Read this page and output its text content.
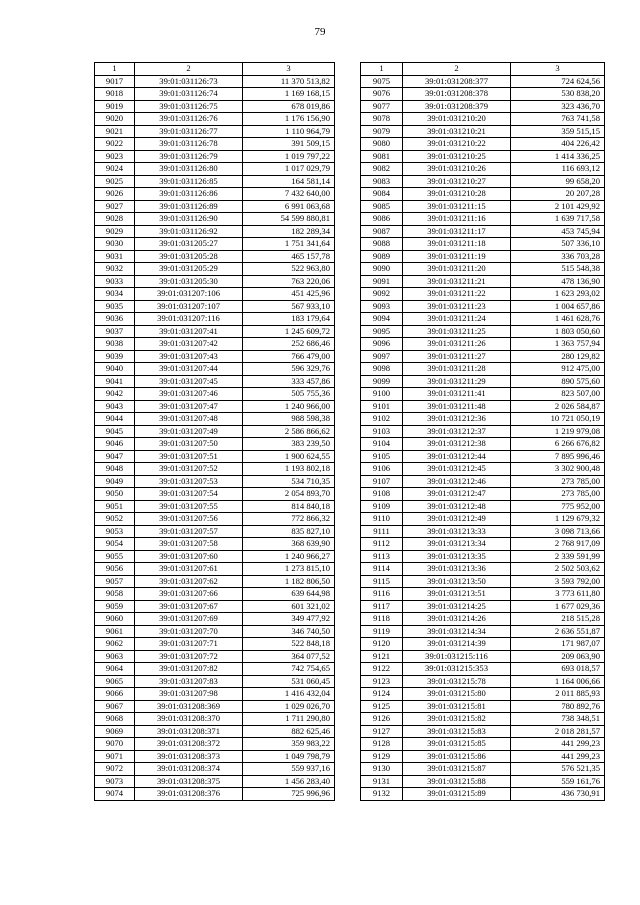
79
1	2	3
9017	39:01:031126:73	11 370 513,82
9018	39:01:031126:74	1 169 168,15
9019	39:01:031126:75	678 019,86
9020	39:01:031126:76	1 176 156,90
9021	39:01:031126:77	1 110 964,79
9022	39:01:031126:78	391 509,15
9023	39:01:031126:79	1 019 797,22
9024	39:01:031126:80	1 017 029,79
9025	39:01:031126:85	164 581,14
9026	39:01:031126:86	7 432 640,00
9027	39:01:031126:89	6 991 063,68
9028	39:01:031126:90	54 599 880,81
9029	39:01:031126:92	182 289,34
9030	39:01:031205:27	1 751 341,64
9031	39:01:031205:28	465 157,78
9032	39:01:031205:29	522 963,80
9033	39:01:031205:30	763 220,06
9034	39:01:031207:106	451 425,96
9035	39:01:031207:107	567 933,10
9036	39:01:031207:116	183 179,64
9037	39:01:031207:41	1 245 609,72
9038	39:01:031207:42	252 686,46
9039	39:01:031207:43	766 479,00
9040	39:01:031207:44	596 329,76
9041	39:01:031207:45	333 457,86
9042	39:01:031207:46	505 755,36
9043	39:01:031207:47	1 240 966,00
9044	39:01:031207:48	988 598,38
9045	39:01:031207:49	2 586 866,62
9046	39:01:031207:50	383 239,50
9047	39:01:031207:51	1 900 624,55
9048	39:01:031207:52	1 193 802,18
9049	39:01:031207:53	534 710,35
9050	39:01:031207:54	2 054 893,70
9051	39:01:031207:55	814 840,18
9052	39:01:031207:56	772 866,32
9053	39:01:031207:57	835 827,10
9054	39:01:031207:58	368 639,90
9055	39:01:031207:60	1 240 966,27
9056	39:01:031207:61	1 273 815,10
9057	39:01:031207:62	1 182 806,50
9058	39:01:031207:66	639 644,98
9059	39:01:031207:67	601 321,02
9060	39:01:031207:69	349 477,92
9061	39:01:031207:70	346 740,50
9062	39:01:031207:71	522 848,18
9063	39:01:031207:72	364 077,52
9064	39:01:031207:82	742 754,65
9065	39:01:031207:83	531 060,45
9066	39:01:031207:98	1 416 432,04
9067	39:01:031208:369	1 029 026,70
9068	39:01:031208:370	1 711 290,80
9069	39:01:031208:371	882 625,46
9070	39:01:031208:372	359 983,22
9071	39:01:031208:373	1 049 798,79
9072	39:01:031208:374	559 937,16
9073	39:01:031208:375	1 456 283,40
9074	39:01:031208:376	725 996,96
1	2	3
9075	39:01:031208:377	724 624,56
9076	39:01:031208:378	530 838,20
9077	39:01:031208:379	323 436,70
9078	39:01:031210:20	763 741,58
9079	39:01:031210:21	359 515,15
9080	39:01:031210:22	404 226,42
9081	39:01:031210:25	1 414 336,25
9082	39:01:031210:26	116 693,12
9083	39:01:031210:27	99 658,20
9084	39:01:031210:28	20 207,28
9085	39:01:031211:15	2 101 429,92
9086	39:01:031211:16	1 639 717,58
9087	39:01:031211:17	453 745,94
9088	39:01:031211:18	507 336,10
9089	39:01:031211:19	336 703,28
9090	39:01:031211:20	515 548,38
9091	39:01:031211:21	478 136,90
9092	39:01:031211:22	1 623 293,02
9093	39:01:031211:23	1 004 657,86
9094	39:01:031211:24	1 461 628,76
9095	39:01:031211:25	1 803 050,60
9096	39:01:031211:26	1 363 757,94
9097	39:01:031211:27	280 129,82
9098	39:01:031211:28	912 475,00
9099	39:01:031211:29	890 575,60
9100	39:01:031211:41	823 507,00
9101	39:01:031211:48	2 026 584,87
9102	39:01:031212:36	10 721 050,19
9103	39:01:031212:37	1 219 979,08
9104	39:01:031212:38	6 266 676,82
9105	39:01:031212:44	7 895 996,46
9106	39:01:031212:45	3 302 900,48
9107	39:01:031212:46	273 785,00
9108	39:01:031212:47	273 785,00
9109	39:01:031212:48	775 952,00
9110	39:01:031212:49	1 129 679,32
9111	39:01:031213:33	3 098 713,66
9112	39:01:031213:34	2 768 917,09
9113	39:01:031213:35	2 339 591,99
9114	39:01:031213:36	2 502 503,62
9115	39:01:031213:50	3 593 792,00
9116	39:01:031213:51	3 773 611,80
9117	39:01:031214:25	1 677 029,36
9118	39:01:031214:26	218 515,28
9119	39:01:031214:34	2 636 551,87
9120	39:01:031214:39	171 987,07
9121	39:01:031215:116	209 063,90
9122	39:01:031215:353	693 018,57
9123	39:01:031215:78	1 164 006,66
9124	39:01:031215:80	2 011 885,93
9125	39:01:031215:81	780 892,76
9126	39:01:031215:82	738 348,51
9127	39:01:031215:83	2 018 281,57
9128	39:01:031215:85	441 299,23
9129	39:01:031215:86	441 299,23
9130	39:01:031215:87	576 521,35
9131	39:01:031215:88	559 161,76
9132	39:01:031215:89	436 730,91
